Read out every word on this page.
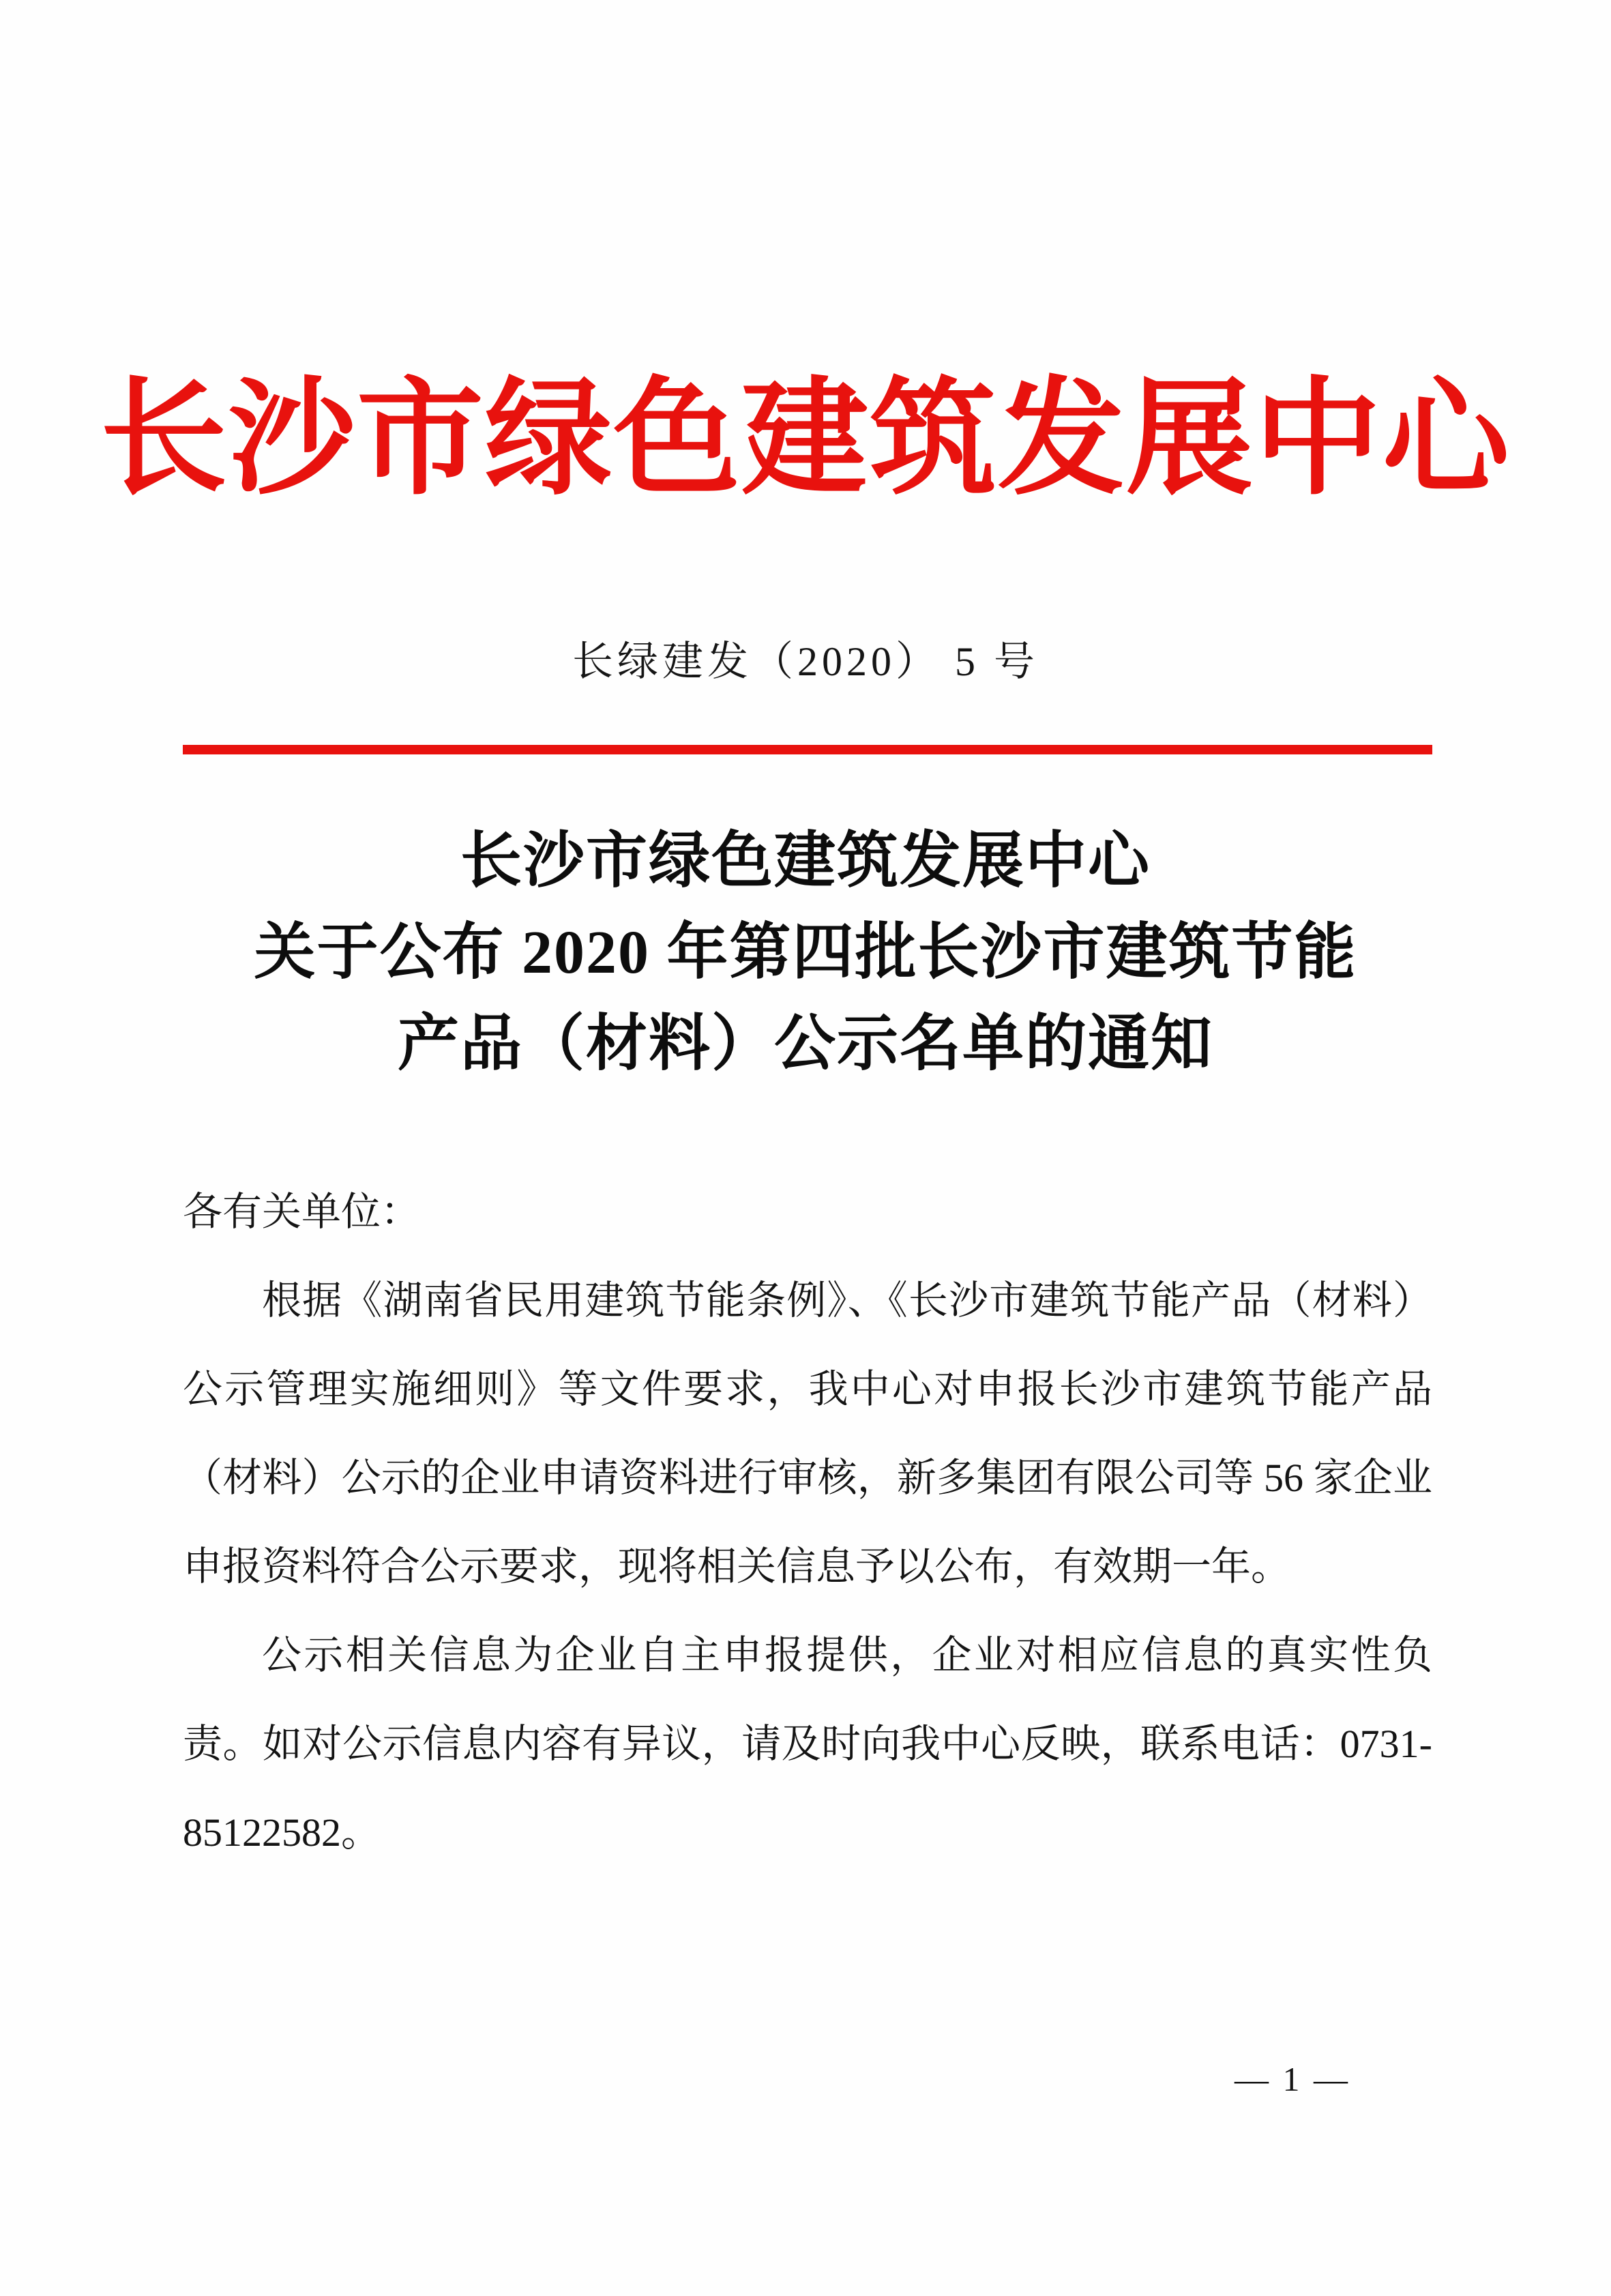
长沙市绿色建筑发展中心
长绿建发（2020） 5 号
长沙市绿色建筑发展中心
关于公布 2020 年第四批长沙市建筑节能
产品（材料）公示名单的通知

各有关单位：

根据《湖南省民用建筑节能条例》、《长沙市建筑节能产品（材料）公示管理实施细则》等文件要求，我中心对申报长沙市建筑节能产品（材料）公示的企业申请资料进行审核，新多集团有限公司等 56 家企业申报资料符合公示要求，现将相关信息予以公布，有效期一年。

公示相关信息为企业自主申报提供，企业对相应信息的真实性负责。如对公示信息内容有异议，请及时向我中心反映，联系电话：0731-85122582。

— 1 —
